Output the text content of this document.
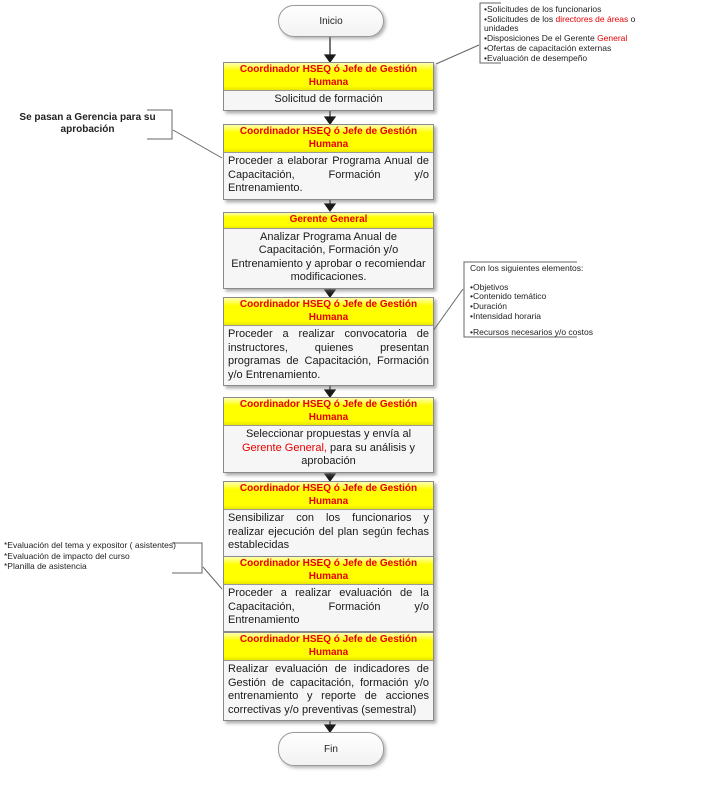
Inicio
Coordinador HSEQ ó Jefe de Gestión Humana
Solicitud de formación
Coordinador HSEQ ó Jefe de Gestión Humana
Proceder a elaborar Programa Anual de Capacitación, Formación y/o Entrenamiento.
Gerente General
Analizar Programa Anual de Capacitación, Formación y/o Entrenamiento y aprobar o recomiendar modificaciones.
Coordinador HSEQ ó Jefe de Gestión Humana
Proceder a realizar convocatoria de instructores, quienes presentan programas de Capacitación, Formación y/o Entrenamiento.
Coordinador HSEQ ó Jefe de Gestión Humana
Seleccionar propuestas y envía al Gerente General, para su análisis y aprobación
Coordinador HSEQ ó Jefe de Gestión Humana
Sensibilizar con los funcionarios y realizar ejecución del plan según fechas establecidas
Coordinador HSEQ ó Jefe de Gestión Humana
Proceder a realizar evaluación de la Capacitación, Formación y/o Entrenamiento
Coordinador HSEQ ó Jefe de Gestión Humana
Realizar evaluación de indicadores de Gestión de capacitación, formación y/o entrenamiento y reporte de acciones correctivas y/o preventivas (semestral)
Fin
•Solicitudes de los funcionarios
•Solicitudes de los directores de áreas o unidades
•Disposiciones De el Gerente General
•Ofertas de capacitación externas
•Evaluación de desempeño
Con los siguientes elementos:
•Objetivos
•Contenido temático
•Duración
•Intensidad horaria
•Recursos necesarios y/o costos
Se pasan a Gerencia para su aprobación
*Evaluación del tema y expositor ( asistentes)
*Evaluación de impacto del curso
*Planilla de asistencia
